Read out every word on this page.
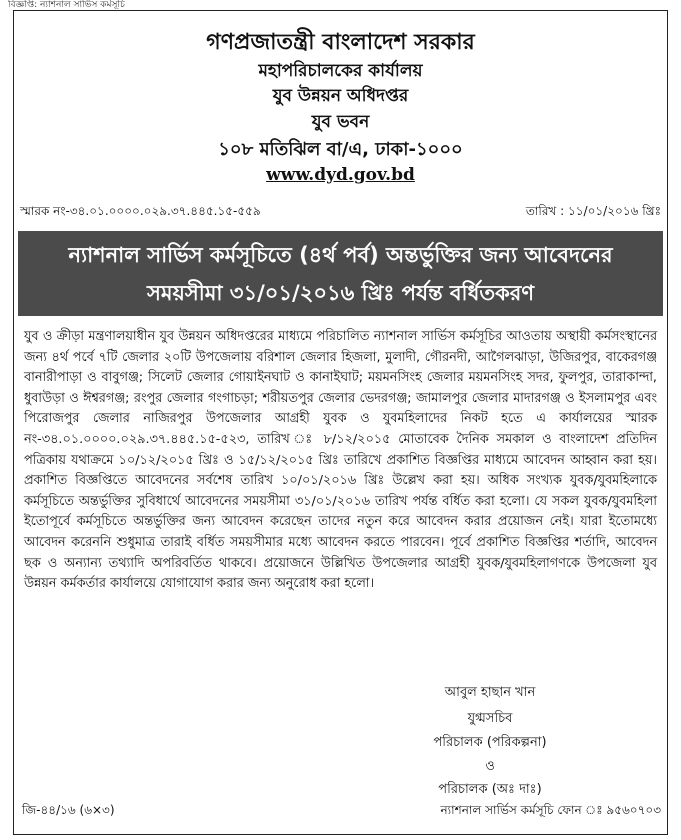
বিজ্ঞপ্তি: ন্যাশনাল সার্ভিস কর্মসূচি
গণপ্রজাতন্ত্রী বাংলাদেশ সরকার
মহাপরিচালকের কার্যালয়
যুব উন্নয়ন অধিদপ্তর
যুব ভবন
১০৮ মতিঝিল বা/এ, ঢাকা-১০০০
www.dyd.gov.bd
স্মারক নং-৩৪.০১.০০০০.০২৯.৩৭.৪৪৫.১৫-৫৫৯	তারিখ : ১১/০১/২০১৬ খ্রিঃ
ন্যাশনাল সার্ভিস কর্মসূচিতে (৪র্থ পর্ব) অন্তর্ভুক্তির জন্য আবেদনের
সময়সীমা ৩১/০১/২০১৬ খ্রিঃ পর্যন্ত বর্ধিতকরণ

যুব ও ক্রীড়া মন্ত্রণালয়াধীন যুব উন্নয়ন অধিদপ্তরের মাধ্যমে পরিচালিত ন্যাশনাল সার্ভিস কর্মসূচির আওতায় অস্থায়ী কর্মসংস্থানের জন্য ৪র্থ পর্বে ৭টি জেলার ২০টি উপজেলায় বরিশাল জেলার হিজলা, মুলাদী, গৌরনদী, আগৈলঝাড়া, উজিরপুর, বাকেরগঞ্জ বানারীপাড়া ও বাবুগঞ্জ; সিলেট জেলার গোয়াইনঘাট ও কানাইঘাট; ময়মনসিংহ জেলার ময়মনসিংহ সদর, ফুলপুর, তারাকান্দা, ধুবাউড়া ও ঈশ্বরগঞ্জ; রংপুর জেলার গংগাচড়া; শরীয়তপুর জেলার ভেদরগঞ্জ; জামালপুর জেলার মাদারগঞ্জ ও ইসলামপুর এবং পিরোজপুর জেলার নাজিরপুর উপজেলার আগ্রহী যুবক ও যুবমহিলাদের নিকট হতে এ কার্যালয়ের স্মারক নং-৩৪.০১.০০০০.০২৯.৩৭.৪৪৫.১৫-৫২৩, তারিখ ঃ ৮/১২/২০১৫ মোতাবেক দৈনিক সমকাল ও বাংলাদেশ প্রতিদিন পত্রিকায় যথাক্রমে ১০/১২/২০১৫ খ্রিঃ ও ১৫/১২/২০১৫ খ্রিঃ তারিখে প্রকাশিত বিজ্ঞপ্তির মাধ্যমে আবেদন আহ্বান করা হয়। প্রকাশিত বিজ্ঞপ্তিতে আবেদনের সর্বশেষ তারিখ ১০/০১/২০১৬ খ্রিঃ উল্লেখ করা হয়। অধিক সংখ্যক যুবক/যুবমহিলাকে কর্মসূচিতে অন্তর্ভুক্তির সুবিধার্থে আবেদনের সময়সীমা ৩১/০১/২০১৬ তারিখ পর্যন্ত বর্ধিত করা হলো। যে সকল যুবক/যুবমহিলা ইতোপূর্বে কর্মসূচিতে অন্তর্ভুক্তির জন্য আবেদন করেছেন তাদের নতুন করে আবেদন করার প্রয়োজন নেই। যারা ইতোমধ্যে আবেদন করেননি শুধুমাত্র তারাই বর্ধিত সময়সীমার মধ্যে আবেদন করতে পারবেন। পূর্বে প্রকাশিত বিজ্ঞপ্তির শর্তাদি, আবেদন ছক ও অন্যান্য তথ্যাদি অপরিবর্তিত থাকবে। প্রয়োজনে উল্লিখিত উপজেলার আগ্রহী যুবক/যুবমহিলাগণকে উপজেলা যুব উন্নয়ন কর্মকর্তার কার্যালয়ে যোগাযোগ করার জন্য অনুরোধ করা হলো।

আবুল হাছান খান
যুগ্মসচিব
পরিচালক (পরিকল্পনা)
ও
পরিচালক (অঃ দাঃ)
জি-৪৪/১৬ (৬×৩)	ন্যাশনাল সার্ভিস কর্মসূচি ফোন ঃ ৯৫৬০৭০৩
